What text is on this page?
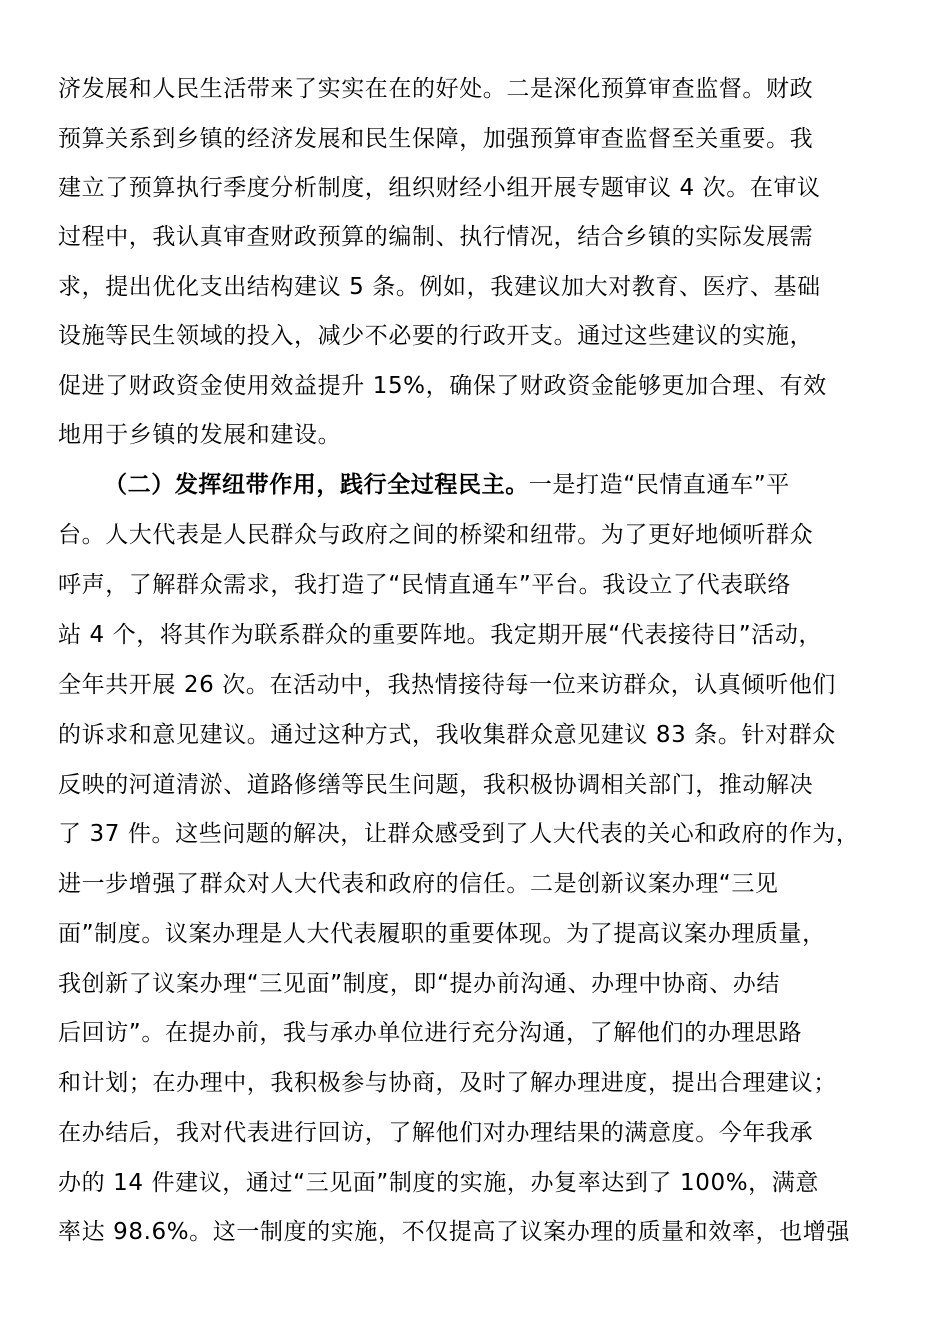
济发展和人民生活带来了实实在在的好处。二是深化预算审查监督。财政
预算关系到乡镇的经济发展和民生保障，加强预算审查监督至关重要。我
建立了预算执行季度分析制度，组织财经小组开展专题审议 4 次。在审议
过程中，我认真审查财政预算的编制、执行情况，结合乡镇的实际发展需
求，提出优化支出结构建议 5 条。例如，我建议加大对教育、医疗、基础
设施等民生领域的投入，减少不必要的行政开支。通过这些建议的实施，
促进了财政资金使用效益提升 15%，确保了财政资金能够更加合理、有效
地用于乡镇的发展和建设。
（二）发挥纽带作用，践行全过程民主。一是打造“民情直通车”平
台。人大代表是人民群众与政府之间的桥梁和纽带。为了更好地倾听群众
呼声，了解群众需求，我打造了“民情直通车”平台。我设立了代表联络
站 4 个，将其作为联系群众的重要阵地。我定期开展“代表接待日”活动，
全年共开展 26 次。在活动中，我热情接待每一位来访群众，认真倾听他们
的诉求和意见建议。通过这种方式，我收集群众意见建议 83 条。针对群众
反映的河道清淤、道路修缮等民生问题，我积极协调相关部门，推动解决
了 37 件。这些问题的解决，让群众感受到了人大代表的关心和政府的作为，
进一步增强了群众对人大代表和政府的信任。二是创新议案办理“三见
面”制度。议案办理是人大代表履职的重要体现。为了提高议案办理质量，
我创新了议案办理“三见面”制度，即“提办前沟通、办理中协商、办结
后回访”。在提办前，我与承办单位进行充分沟通，了解他们的办理思路
和计划；在办理中，我积极参与协商，及时了解办理进度，提出合理建议；
在办结后，我对代表进行回访，了解他们对办理结果的满意度。今年我承
办的 14 件建议，通过“三见面”制度的实施，办复率达到了 100%，满意
率达 98.6%。这一制度的实施，不仅提高了议案办理的质量和效率，也增强
